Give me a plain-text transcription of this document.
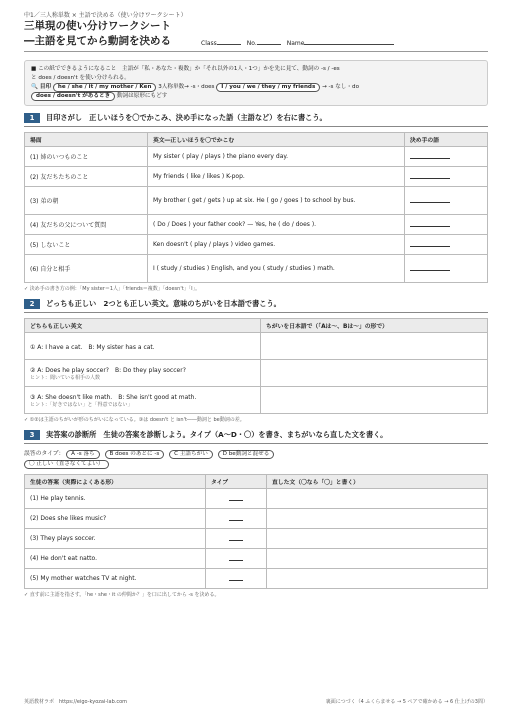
中1／三人称単数 × 主語で決める（使い分けワークシート）
三単現の使い分けワークシート
―主語を見てから動詞を決める	Class	No.	Name
■ この紙でできるようになること　主語が「私・あなた・複数」か「それ以外の1人・1つ」かを先に見て、動詞の -s / -es
と does / doesn't を使い分けられる。
🔍 目印 he / she / it / my mother / Ken 3人称単数→ -s・does I / you / we / they / my friends → -s なし・do
does / doesn't があるとき 動詞は原形にもどす
1	目印さがし　正しいほうを〇でかこみ、決め手になった語（主語など）を右に書こう。
場面	英文―正しいほうを〇でかこむ	決め手の語
(1) 姉のいつものこと	My sister ( play / plays ) the piano every day.	
(2) 友だちたちのこと	My friends ( like / likes ) K-pop.	
(3) 弟の朝	My brother ( get / gets ) up at six. He ( go / goes ) to school by bus.	
(4) 友だちの父について質問	( Do / Does ) your father cook? — Yes, he ( do / does ).	
(5) しないこと	Ken doesn't ( play / plays ) video games.	
(6) 自分と相手	I ( study / studies ) English, and you ( study / studies ) math.	
✓ 決め手の書き方の例：「My sister＝1人」「friends＝複数」「doesn't」「I」。
2	どっちも正しい　2つとも正しい英文。意味のちがいを日本語で書こう。
どちらも正しい英文	ちがいを日本語で（「Aは～、Bは～」の形で）

① A: I have a cat.　B: My sister has a cat.	

② A: Does he play soccer?　B: Do they play soccer?
ヒント：聞いている相手の人数	

③ A: She doesn't like math.　B: She isn't good at math.
ヒント：「好きではない」と「得意ではない」	

✓ ①②は主語のちがいが形のちがいになっている。③は doesn't と isn't――動詞と be動詞の差。
3	実答案の診断所　生徒の答案を診断しよう。タイプ（A～D・〇）を書き、まちがいなら直した文を書く。
誤答のタイプ： A -s 落ち	B does のあとに -s	C 主語ちがい	D be動詞と混ぜる
〇 正しい（直さなくてよい）
生徒の答案（実際によくある形）	タイプ	直した文（〇なら「〇」と書く）
(1) He play tennis.		
(2) Does she likes music?		
(3) They plays soccer.		
(4) He don't eat natto.		
(5) My mother watches TV at night.		
✓ 直す前に主語を指さす。「he・she・it の仲間か？」を口に出してから -s を決める。
英語教材ラボ　https://eigo-kyozai-lab.com	裏面につづく（4 ふくらませる → 5 ペアで確かめる → 6 仕上げの3問）
